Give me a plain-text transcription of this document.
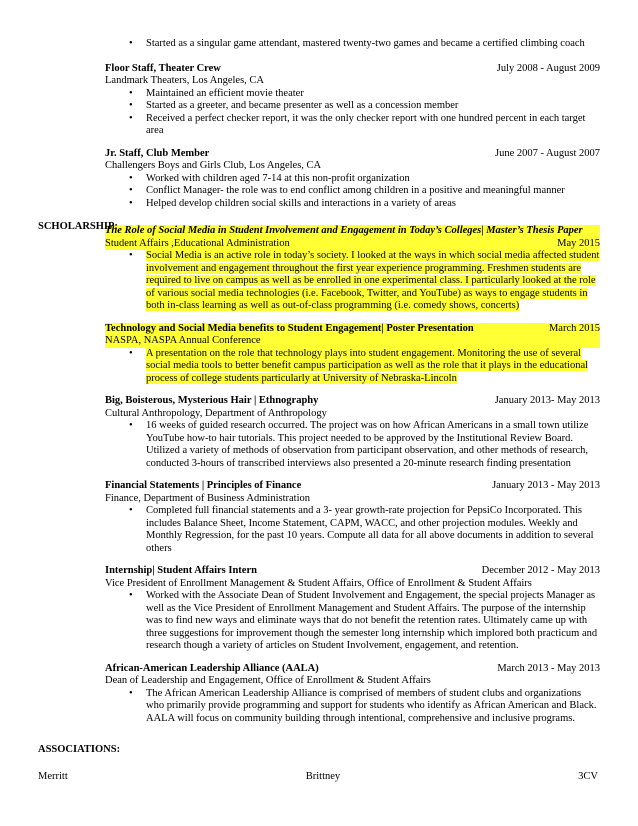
• Started as a singular game attendant, mastered twenty-two games and became a certified climbing coach
Floor Staff, Theater Crew	July 2008 - August 2009
Landmark Theaters, Los Angeles, CA
• Maintained an efficient movie theater
• Started as a greeter, and became presenter as well as a concession member
• Received a perfect checker report, it was the only checker report with one hundred percent in each target area
Jr. Staff, Club Member	June 2007 - August 2007
Challengers Boys and Girls Club, Los Angeles, CA
• Worked with children aged 7-14 at this non-profit organization
• Conflict Manager- the role was to end conflict among children in a positive and meaningful manner
• Helped develop children social skills and interactions in a variety of areas
The Role of Social Media in Student Involvement and Engagement in Today’s Colleges| Master’s Thesis Paper
Student Affairs ,Educational Administration	May 2015
• Social Media is an active role in today’s society. I looked at the ways in which social media affected student involvement and engagement throughout the first year experience programming. Freshmen students are required to live on campus as well as be enrolled in one experimental class. I particularly looked at the role of various social media technologies (i.e. Facebook, Twitter, and YouTube) as ways to engage students in both in-class learning as well as out-of-class programming (i.e. comedy shows, concerts)
Technology and Social Media benefits to Student Engagement| Poster Presentation	March 2015
NASPA, NASPA Annual Conference
• A presentation on the role that technology plays into student engagement. Monitoring the use of several social media tools to better benefit campus participation as well as the role that it plays in the educational process of college students particularly at University of Nebraska-Lincoln
Big, Boisterous, Mysterious Hair | Ethnography	January 2013- May 2013
Cultural Anthropology, Department of Anthropology
• 16 weeks of guided research occurred. The project was on how African Americans in a small town utilize YouTube how-to hair tutorials. This project needed to be approved by the Institutional Review Board. Utilized a variety of methods of observation from participant observation, and other methods of research, conducted 3-hours of transcribed interviews also presented a 20-minute research finding presentation
Financial Statements | Principles of Finance	January 2013 - May 2013
Finance, Department of Business Administration
• Completed full financial statements and a 3- year growth-rate projection for PepsiCo Incorporated. This includes Balance Sheet, Income Statement, CAPM, WACC, and other projection modules. Weekly and Monthly Regression, for the past 10 years. Compute all data for all above documents in addition to several others
Internship| Student Affairs Intern	December 2012 - May 2013
Vice President of Enrollment Management & Student Affairs, Office of Enrollment & Student Affairs
• Worked with the Associate Dean of Student Involvement and Engagement, the special projects Manager as well as the Vice President of Enrollment Management and Student Affairs. The purpose of the internship was to find new ways and eliminate ways that do not benefit the retention rates. Ultimately came up with three suggestions for improvement though the semester long internship which implored both practicum and research though a variety of articles on Student Involvement, engagement, and retention.
African-American Leadership Alliance (AALA)	March 2013 - May 2013
Dean of Leadership and Engagement, Office of Enrollment & Student Affairs
• The African American Leadership Alliance is comprised of members of student clubs and organizations who primarily provide programming and support for students who identify as African American and Black. AALA will focus on community building through intentional, comprehensive and inclusive programs.
SCHOLARSHIP:
ASSOCIATIONS:
Merritt	Brittney	3CV
